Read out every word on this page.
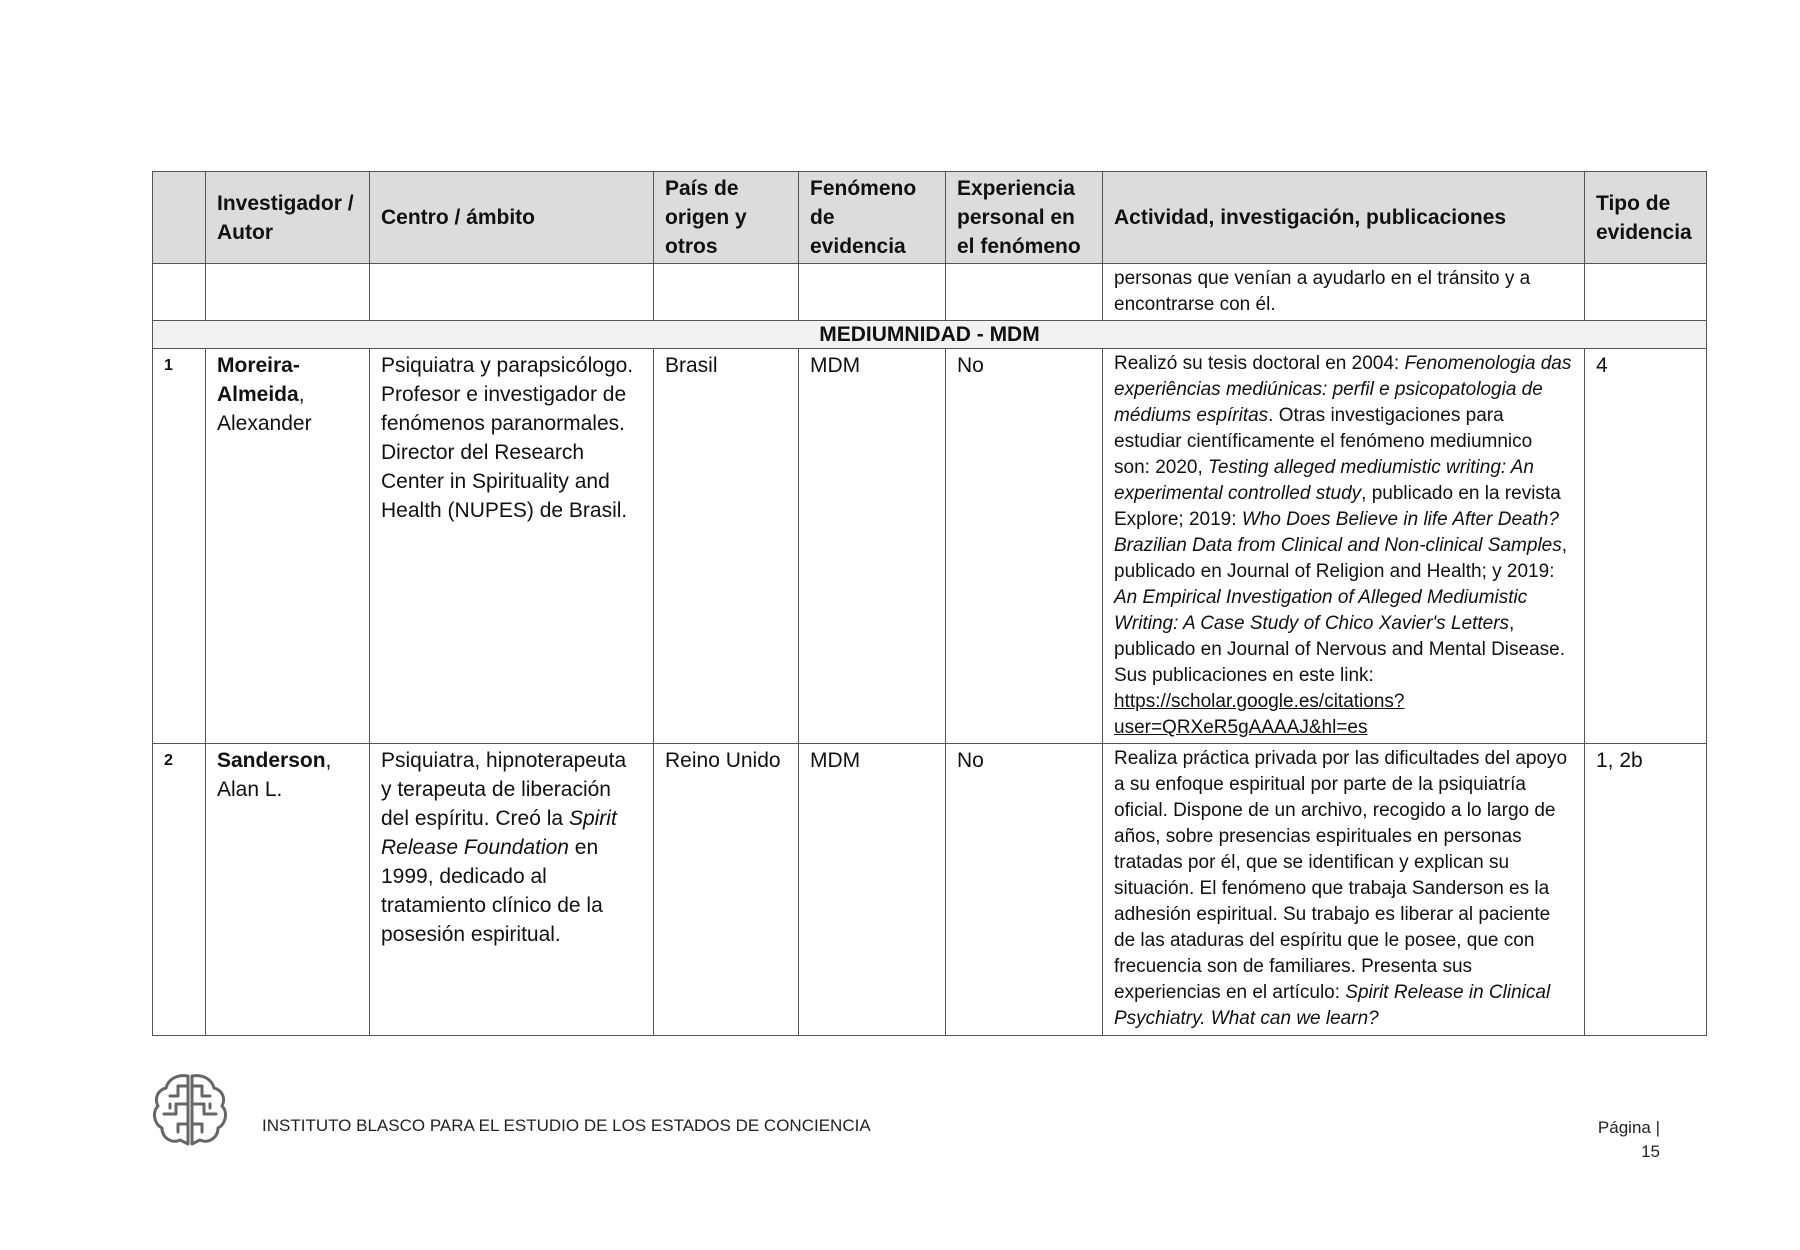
	Investigador / Autor	Centro / ámbito	País de origen y otros	Fenómeno de evidencia	Experiencia personal en el fenómeno	Actividad, investigación, publicaciones	Tipo de evidencia
						personas que venían a ayudarlo en el tránsito y a encontrarse con él.	
MEDIUMNIDAD - MDM							
1	Moreira-Almeida, Alexander	Psiquiatra y parapsicólogo. Profesor e investigador de fenómenos paranormales. Director del Research Center in Spirituality and Health (NUPES) de Brasil.	Brasil	MDM	No	Realizó su tesis doctoral en 2004: Fenomenologia das experiências mediúnicas: perfil e psicopatologia de médiums espíritas. Otras investigaciones para estudiar científicamente el fenómeno mediumnico son: 2020, Testing alleged mediumistic writing: An experimental controlled study, publicado en la revista Explore; 2019: Who Does Believe in life After Death? Brazilian Data from Clinical and Non-clinical Samples, publicado en Journal of Religion and Health; y 2019: An Empirical Investigation of Alleged Mediumistic Writing: A Case Study of Chico Xavier's Letters, publicado en Journal of Nervous and Mental Disease. Sus publicaciones en este link: https://scholar.google.es/citations?user=QRXeR5gAAAAJ&hl=es	4
2	Sanderson, Alan L.	Psiquiatra, hipnoterapeuta y terapeuta de liberación del espíritu. Creó la Spirit Release Foundation en 1999, dedicado al tratamiento clínico de la posesión espiritual.	Reino Unido	MDM	No	Realiza práctica privada por las dificultades del apoyo a su enfoque espiritual por parte de la psiquiatría oficial. Dispone de un archivo, recogido a lo largo de años, sobre presencias espirituales en personas tratadas por él, que se identifican y explican su situación. El fenómeno que trabaja Sanderson es la adhesión espiritual. Su trabajo es liberar al paciente de las ataduras del espíritu que le posee, que con frecuencia son de familiares. Presenta sus experiencias en el artículo: Spirit Release in Clinical Psychiatry. What can we learn?	1, 2b
INSTITUTO BLASCO PARA EL ESTUDIO DE LOS ESTADOS DE CONCIENCIA	Página |
15
